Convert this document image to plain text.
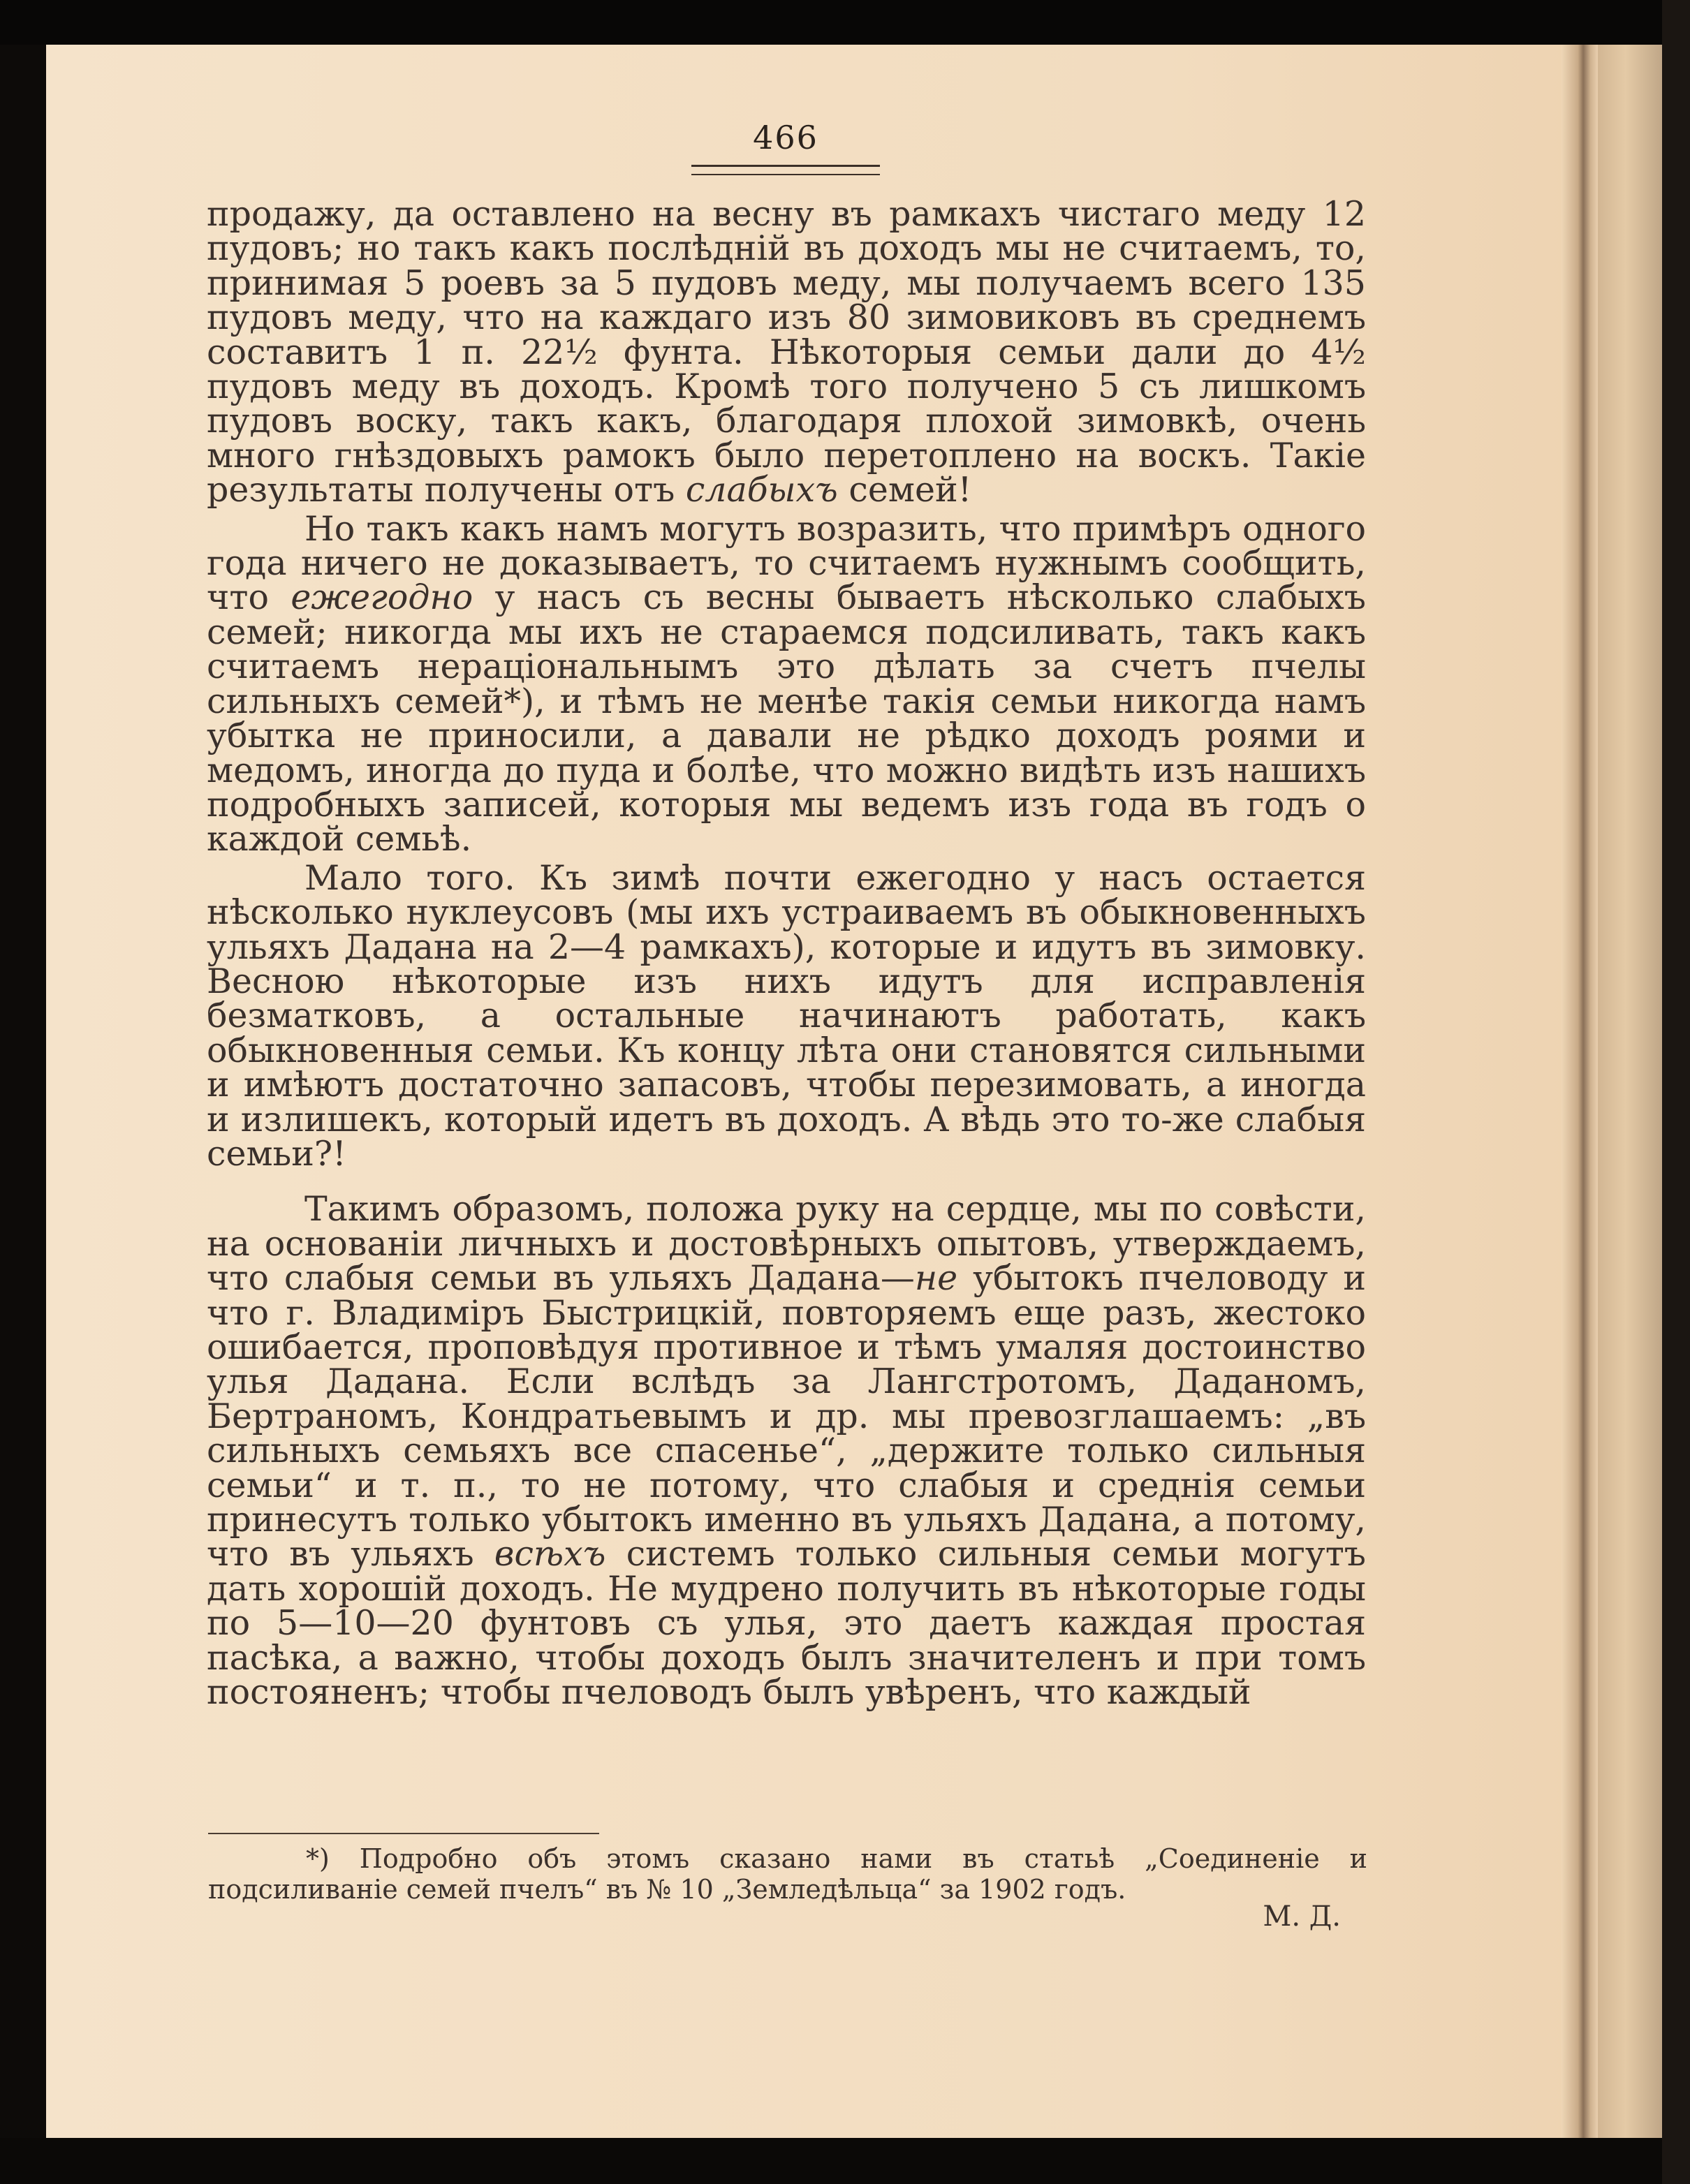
466

продажу, да оставлено на весну въ рамкахъ чистаго меду 12 пудовъ; но такъ какъ послѣднiй въ доходъ мы не считаемъ, то, принимая 5 роевъ за 5 пудовъ меду, мы получаемъ всего 135 пудовъ меду, что на каждаго изъ 80 зимовиковъ въ среднемъ составитъ 1 п. 22½ фунта. Нѣкоторыя семьи дали до 4½ пудовъ меду въ доходъ. Кромѣ того получено 5 съ лишкомъ пудовъ воску, такъ какъ, благодаря плохой зимовкѣ, очень много гнѣздовыхъ рамокъ было перетоплено на воскъ. Такiе результаты получены отъ слабыхъ семей!

Но такъ какъ намъ могутъ возразить, что примѣръ одного года ничего не доказываетъ, то считаемъ нужнымъ сообщить, что ежегодно у насъ съ весны бываетъ нѣсколько слабыхъ семей; никогда мы ихъ не стараемся подсиливать, такъ какъ считаемъ нерацiональнымъ это дѣлать за счетъ пчелы сильныхъ семей*), и тѣмъ не менѣе такiя семьи никогда намъ убытка не приносили, а давали не рѣдко доходъ роями и медомъ, иногда до пуда и болѣе, что можно видѣть изъ нашихъ подробныхъ записей, которыя мы ведемъ изъ года въ годъ о каждой семьѣ.

Мало того. Къ зимѣ почти ежегодно у насъ остается нѣсколько нуклеусовъ (мы ихъ устраиваемъ въ обыкновенныхъ ульяхъ Дадана на 2—4 рамкахъ), которые и идутъ въ зимовку. Весною нѣкоторые изъ нихъ идутъ для исправленiя безматковъ, а остальные начинаютъ работать, какъ обыкновенныя семьи. Къ концу лѣта они становятся сильными и имѣютъ достаточно запасовъ, чтобы перезимовать, а иногда и излишекъ, который идетъ въ доходъ. А вѣдь это то-же слабыя семьи?!

Такимъ образомъ, положа руку на сердце, мы по совѣсти, на основанiи личныхъ и достовѣрныхъ опытовъ, утверждаемъ, что слабыя семьи въ ульяхъ Дадана—не убытокъ пчеловоду и что г. Владимiръ Быстрицкiй, повторяемъ еще разъ, жестоко ошибается, проповѣдуя противное и тѣмъ умаляя достоинство улья Дадана. Если вслѣдъ за Лангстротомъ, Даданомъ, Бертраномъ, Кондратьевымъ и др. мы превозглашаемъ: „въ сильныхъ семьяхъ все спасенье“, „держите только сильныя семьи“ и т. п., то не потому, что слабыя и среднiя семьи принесутъ только убытокъ именно въ ульяхъ Дадана, а потому, что въ ульяхъ всѣхъ системъ только сильныя семьи могутъ дать хорошiй доходъ. Не мудрено получить въ нѣкоторые годы по 5—10—20 фунтовъ съ улья, это даетъ каждая простая пасѣка, а важно, чтобы доходъ былъ значителенъ и при томъ постояненъ; чтобы пчеловодъ былъ увѣренъ, что каждый

*) Подробно объ этомъ сказано нами въ статьѣ „Соединенiе и подсиливанiе семей пчелъ“ въ № 10 „Земледѣльца“ за 1902 годъ.

М. Д.
